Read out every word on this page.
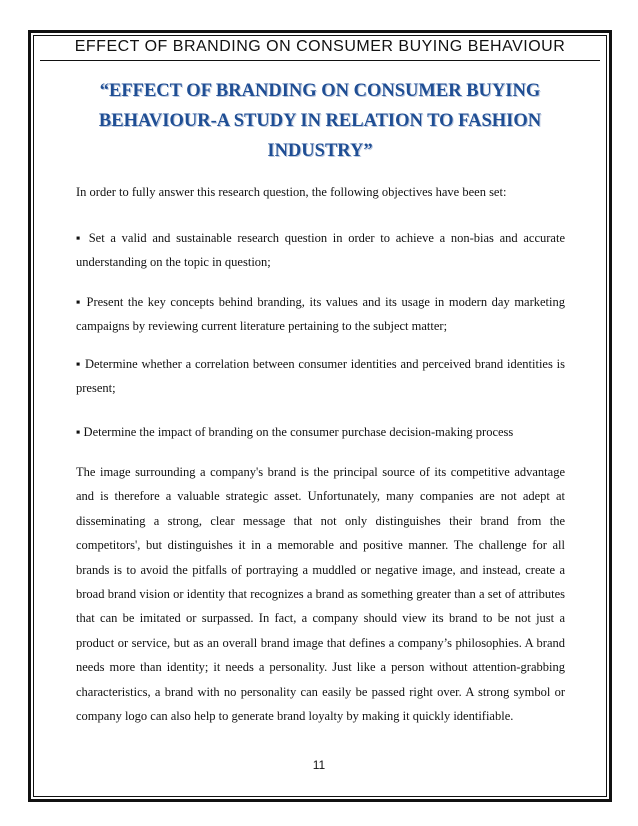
EFFECT OF BRANDING ON CONSUMER BUYING BEHAVIOUR
“EFFECT OF BRANDING ON CONSUMER BUYING
BEHAVIOUR-A STUDY IN RELATION TO FASHION
INDUSTRY”

In order to fully answer this research question, the following objectives have been set:

▪ Set a valid and sustainable research question in order to achieve a non-bias and accurate understanding on the topic in question;

▪ Present the key concepts behind branding, its values and its usage in modern day marketing campaigns by reviewing current literature pertaining to the subject matter;

▪ Determine whether a correlation between consumer identities and perceived brand identities is present;

▪ Determine the impact of branding on the consumer purchase decision-making process

The image surrounding a company's brand is the principal source of its competitive advantage and is therefore a valuable strategic asset. Unfortunately, many companies are not adept at disseminating a strong, clear message that not only distinguishes their brand from the competitors', but distinguishes it in a memorable and positive manner. The challenge for all brands is to avoid the pitfalls of portraying a muddled or negative image, and instead, create a broad brand vision or identity that recognizes a brand as something greater than a set of attributes that can be imitated or surpassed. In fact, a company should view its brand to be not just a product or service, but as an overall brand image that defines a company’s philosophies. A brand needs more than identity; it needs a personality. Just like a person without attention-grabbing characteristics, a brand with no personality can easily be passed right over. A strong symbol or company logo can also help to generate brand loyalty by making it quickly identifiable.

11
